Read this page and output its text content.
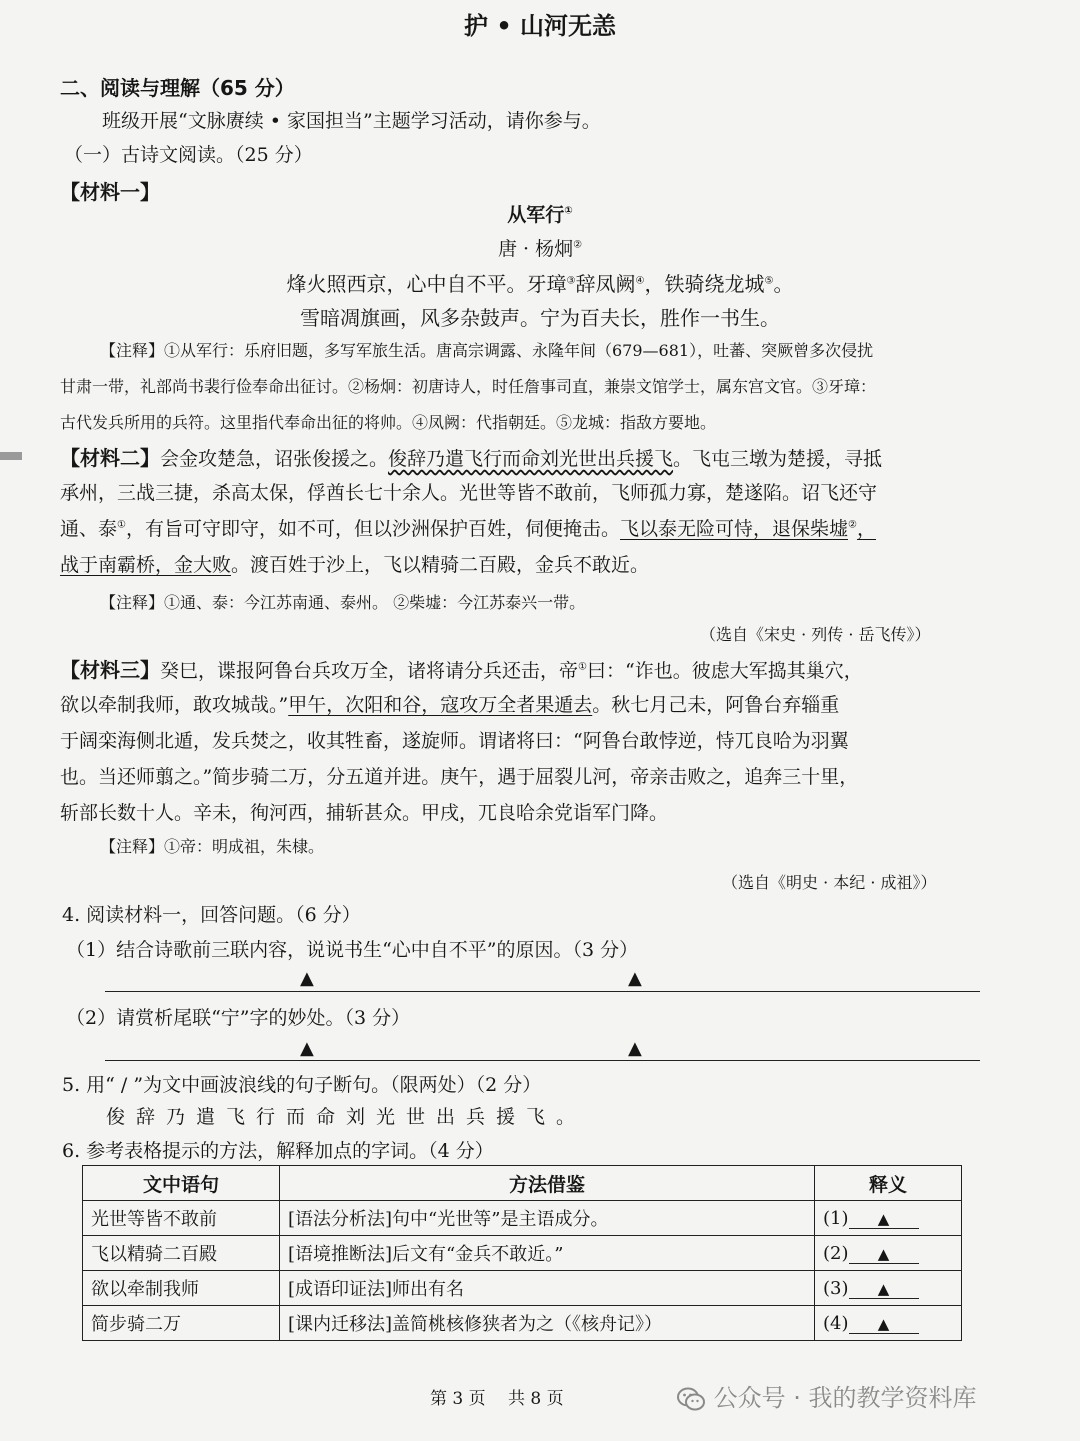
护 • 山河无恙
二、阅读与理解（65 分）
班级开展“文脉赓续 • 家国担当”主题学习活动，请你参与。
（一）古诗文阅读。（25 分）
【材料一】
从军行①
唐 · 杨炯②
烽火照西京，心中自不平。牙璋③辞凤阙④，铁骑绕龙城⑤。
雪暗凋旗画，风多杂鼓声。宁为百夫长，胜作一书生。
【注释】①从军行：乐府旧题，多写军旅生活。唐高宗调露、永隆年间（679—681），吐蕃、突厥曾多次侵扰
甘肃一带，礼部尚书裴行俭奉命出征讨。②杨炯：初唐诗人，时任詹事司直，兼崇文馆学士，属东宫文官。③牙璋：
古代发兵所用的兵符。这里指代奉命出征的将帅。④凤阙：代指朝廷。⑤龙城：指敌方要地。
【材料二】会金攻楚急，诏张俊援之。俊辞乃遣飞行而命刘光世出兵援飞。飞屯三墩为楚援，寻抵
承州，三战三捷，杀高太保，俘酋长七十余人。光世等皆不敢前，飞师孤力寡，楚遂陷。诏飞还守
通、泰①，有旨可守即守，如不可，但以沙洲保护百姓，伺便掩击。飞以泰无险可恃，退保柴墟②，
战于南霸桥，金大败。渡百姓于沙上，飞以精骑二百殿，金兵不敢近。
【注释】①通、泰：今江苏南通、泰州。 ②柴墟：今江苏泰兴一带。
（选自《宋史 · 列传 · 岳飞传》）
【材料三】癸巳，谍报阿鲁台兵攻万全，诸将请分兵还击，帝①曰：“诈也。彼虑大军捣其巢穴，
欲以牵制我师，敢攻城哉。”甲午，次阳和谷，寇攻万全者果遁去。秋七月己未，阿鲁台弃辎重
于阔栾海侧北遁，发兵焚之，收其牲畜，遂旋师。谓诸将曰：“阿鲁台敢悖逆，恃兀良哈为羽翼
也。当还师翦之。”简步骑二万，分五道并进。庚午，遇于屈裂儿河，帝亲击败之，追奔三十里，
斩部长数十人。辛未，徇河西，捕斩甚众。甲戌，兀良哈余党诣军门降。
【注释】①帝：明成祖，朱棣。
（选自《明史 · 本纪 · 成祖》）
4. 阅读材料一，回答问题。（6 分）
（1）结合诗歌前三联内容，说说书生“心中自不平”的原因。（3 分）
▲	▲
（2）请赏析尾联“宁”字的妙处。（3 分）
▲	▲
5. 用“ / ”为文中画波浪线的句子断句。（限两处）（2 分）
俊辞乃遣飞行而命刘光世出兵援飞。
6. 参考表格提示的方法，解释加点的字词。（4 分）
文中语句	方法借鉴	释义
光世等皆不敢前	[语法分析法]句中“光世等”是主语成分。	(1) ▲
飞以精骑二百殿	[语境推断法]后文有“金兵不敢近。”	(2) ▲
欲以牵制我师	[成语印证法]师出有名	(3) ▲
简步骑二万	[课内迁移法]盖简桃核修狭者为之（《核舟记》）	(4) ▲
第 3 页　 共 8 页	公众号 · 我的教学资料库
